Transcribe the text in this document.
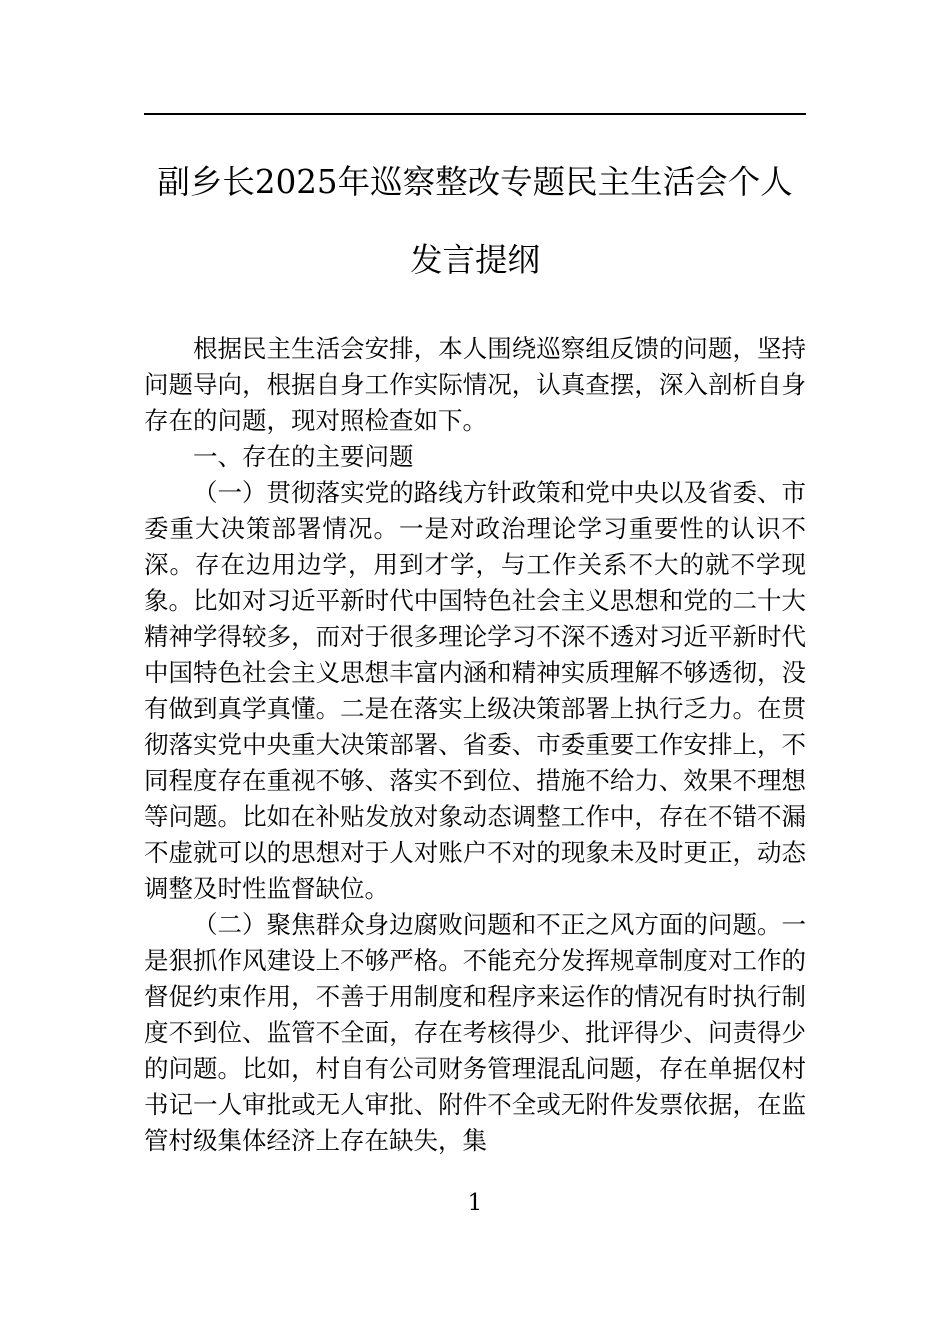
副乡长2025年巡察整改专题民主生活会个人发言提纲

根据民主生活会安排，本人围绕巡察组反馈的问题，坚持问题导向，根据自身工作实际情况，认真查摆，深入剖析自身存在的问题，现对照检查如下。

一、存在的主要问题

（一）贯彻落实党的路线方针政策和党中央以及省委、市委重大决策部署情况。一是对政治理论学习重要性的认识不深。存在边用边学，用到才学，与工作关系不大的就不学现象。比如对习近平新时代中国特色社会主义思想和党的二十大精神学得较多，而对于很多理论学习不深不透对习近平新时代中国特色社会主义思想丰富内涵和精神实质理解不够透彻，没有做到真学真懂。二是在落实上级决策部署上执行乏力。在贯彻落实党中央重大决策部署、省委、市委重要工作安排上，不同程度存在重视不够、落实不到位、措施不给力、效果不理想等问题。比如在补贴发放对象动态调整工作中，存在不错不漏不虚就可以的思想对于人对账户不对的现象未及时更正，动态调整及时性监督缺位。

（二）聚焦群众身边腐败问题和不正之风方面的问题。一是狠抓作风建设上不够严格。不能充分发挥规章制度对工作的督促约束作用，不善于用制度和程序来运作的情况有时执行制度不到位、监管不全面，存在考核得少、批评得少、问责得少的问题。比如，村自有公司财务管理混乱问题，存在单据仅村书记一人审批或无人审批、附件不全或无附件发票依据，在监管村级集体经济上存在缺失，集

1
